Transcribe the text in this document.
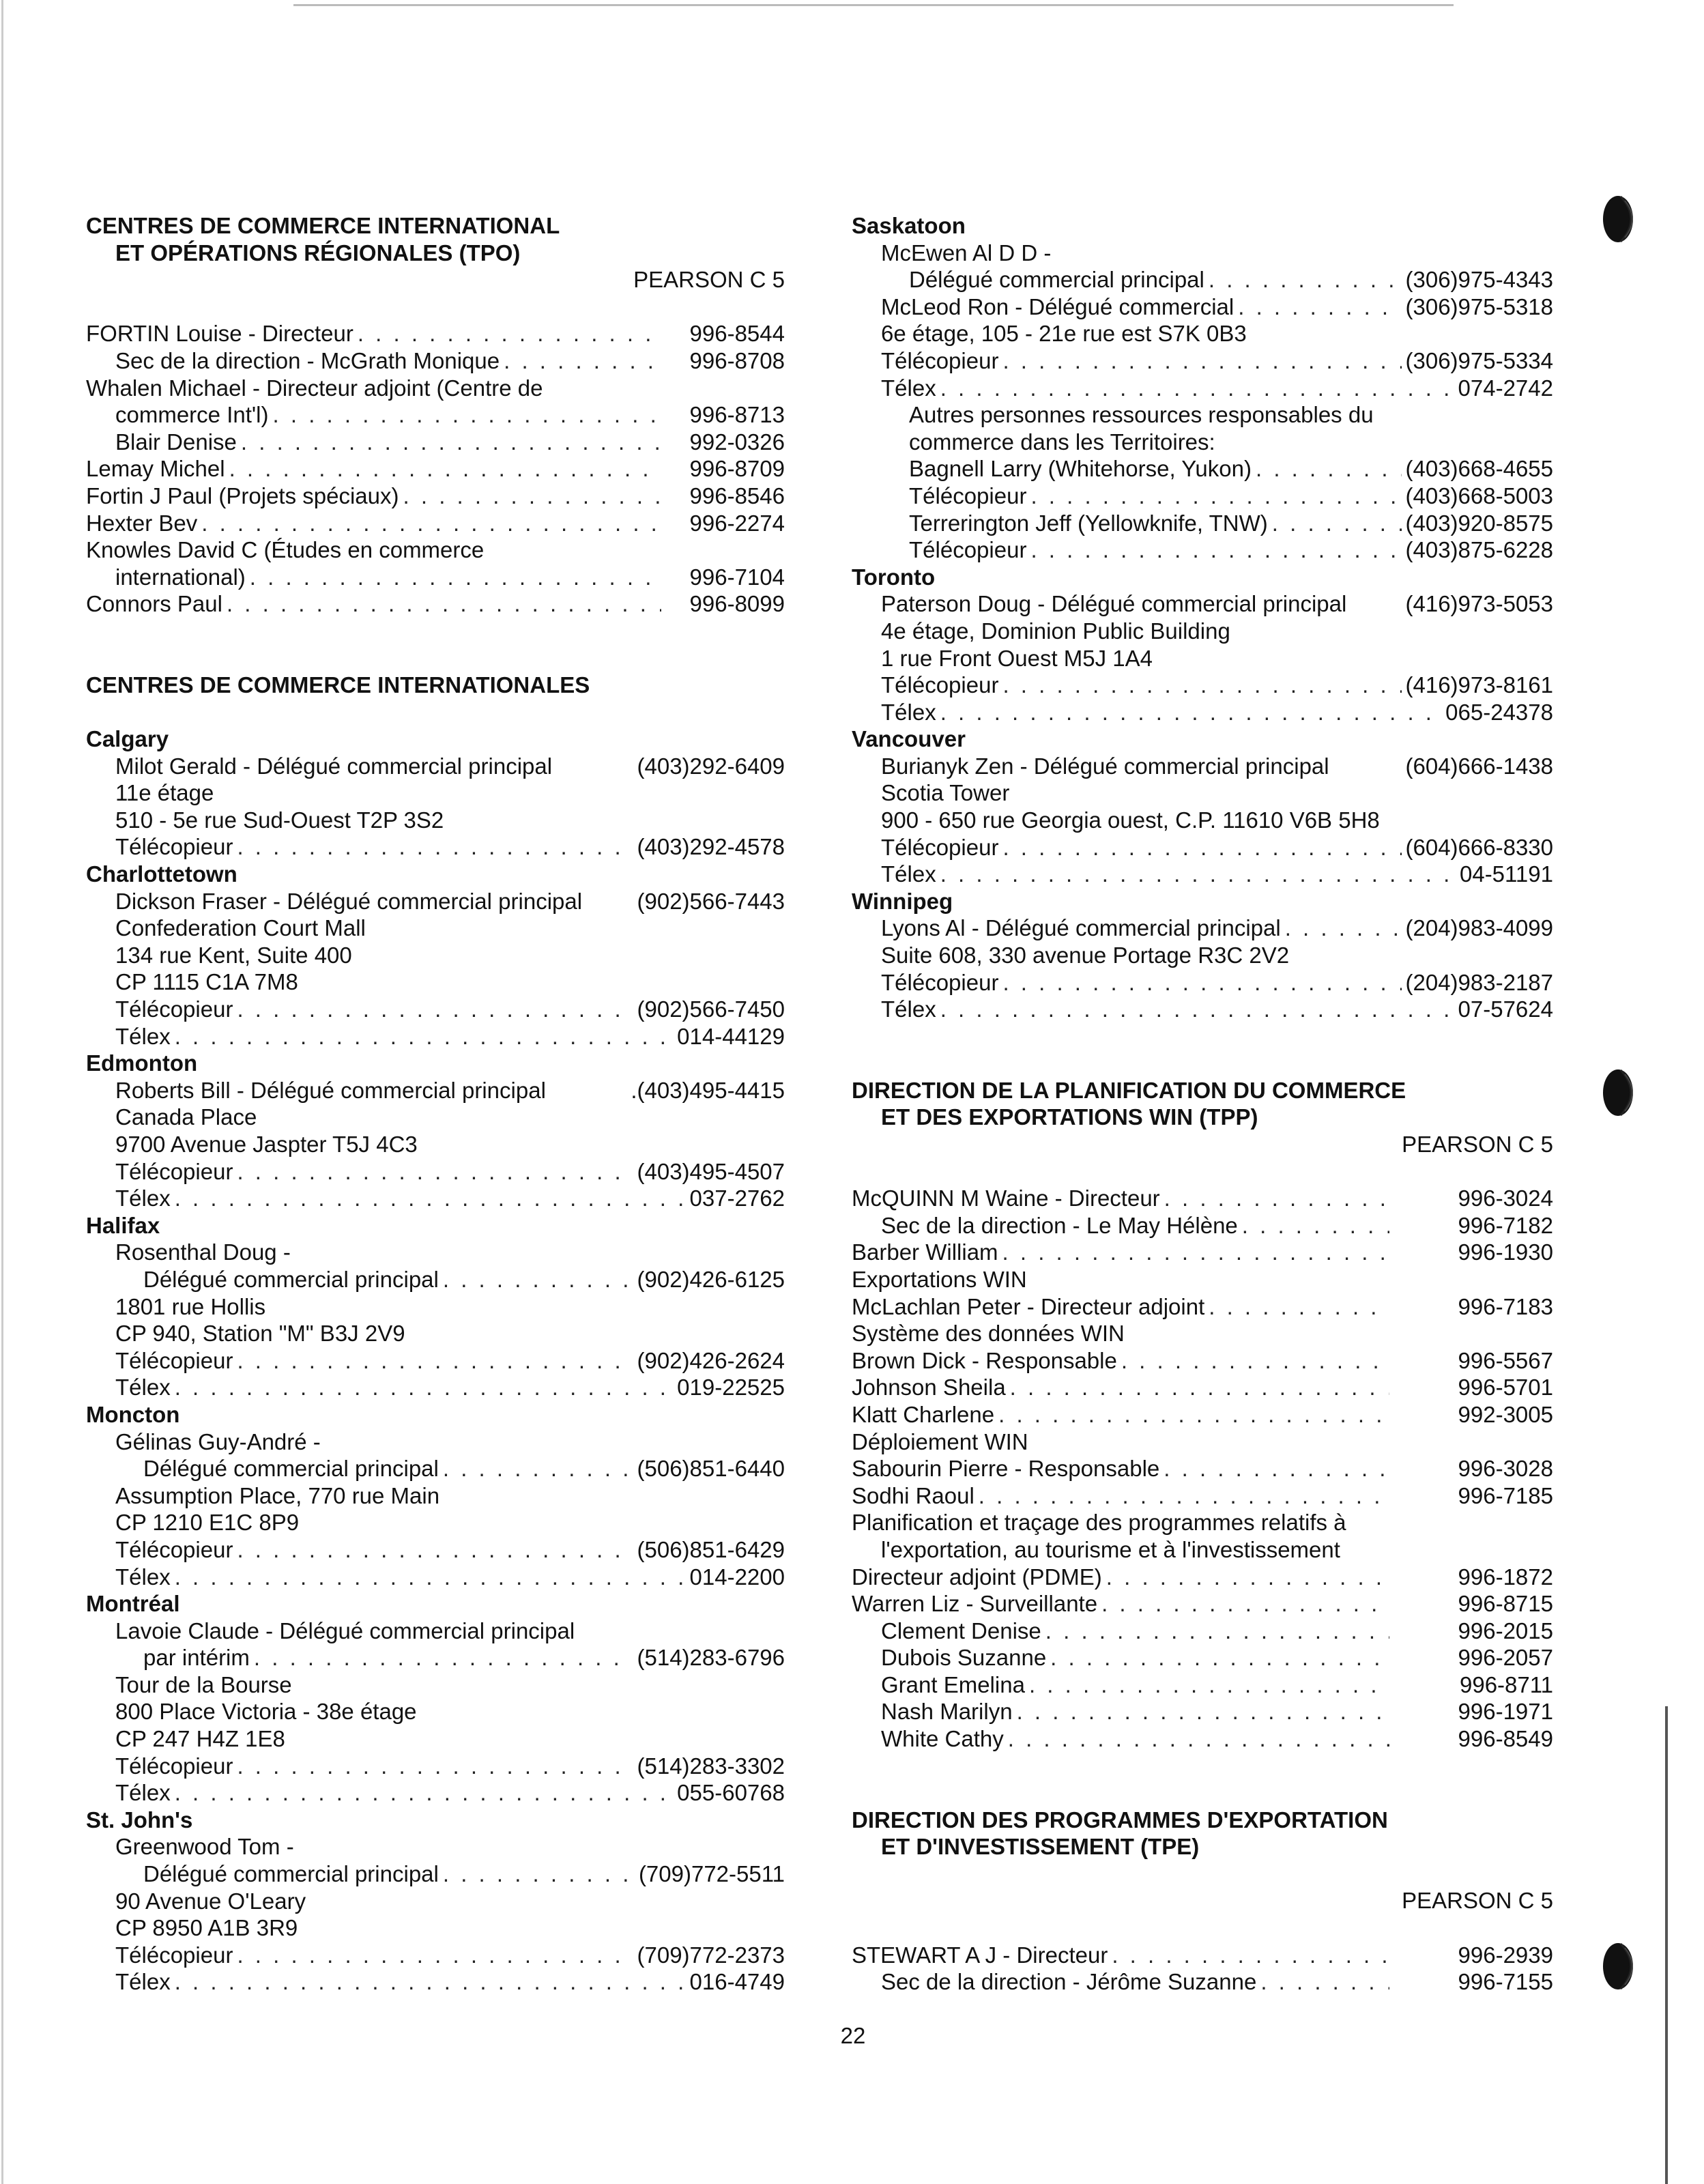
CENTRES DE COMMERCE INTERNATIONAL
ET OPÉRATIONS RÉGIONALES (TPO)
PEARSON C 5
FORTIN Louise - Directeur . . .	996-8544
Sec de la direction - McGrath Monique . . .	996-8708
Whalen Michael - Directeur adjoint (Centre de
commerce Int'l) . . .	996-8713
Blair Denise . . .	992-0326
Lemay Michel . . .	996-8709
Fortin J Paul (Projets spéciaux) . . .	996-8546
Hexter Bev . . .	996-2274
Knowles David C (Études en commerce
international) . . .	996-7104
Connors Paul . . .	996-8099
CENTRES DE COMMERCE INTERNATIONALES
Calgary
Milot Gerald - Délégué commercial principal	(403)292-6409
11e étage
510 - 5e rue Sud-Ouest T2P 3S2
Télécopieur . . .	(403)292-4578
Charlottetown
Dickson Fraser - Délégué commercial principal (902)566-7443
Confederation Court Mall
134 rue Kent, Suite 400
CP 1115 C1A 7M8
Télécopieur . . .	(902)566-7450
Télex . . .	014-44129
Edmonton
Roberts Bill - Délégué commercial principal	.(403)495-4415
Canada Place
9700 Avenue Jaspter T5J 4C3
Télécopieur . . .	(403)495-4507
Télex . . .	037-2762
Halifax
Rosenthal Doug -
Délégué commercial principal . . .	(902)426-6125
1801 rue Hollis
CP 940, Station "M" B3J 2V9
Télécopieur . . .	(902)426-2624
Télex . . .	019-22525
Moncton
Gélinas Guy-André -
Délégué commercial principal . . .	(506)851-6440
Assumption Place, 770 rue Main
CP 1210 E1C 8P9
Télécopieur . . .	(506)851-6429
Télex . . .	014-2200
Montréal
Lavoie Claude - Délégué commercial principal
par intérim . . .	(514)283-6796
Tour de la Bourse
800 Place Victoria - 38e étage
CP 247 H4Z 1E8
Télécopieur . . .	(514)283-3302
Télex . . .	055-60768
St. John's
Greenwood Tom -
Délégué commercial principal . . .	(709)772-5511
90 Avenue O'Leary
CP 8950 A1B 3R9
Télécopieur . . .	(709)772-2373
Télex . . .	016-4749
Saskatoon
McEwen Al D D -
Délégué commercial principal . . .	(306)975-4343
McLeod Ron - Délégué commercial . . .	(306)975-5318
6e étage, 105 - 21e rue est S7K 0B3
Télécopieur . . .	(306)975-5334
Télex . . .	074-2742
Autres personnes ressources responsables du
commerce dans les Territoires:
Bagnell Larry (Whitehorse, Yukon) . . .	(403)668-4655
Télécopieur . . .	(403)668-5003
Terrerington Jeff (Yellowknife, TNW) . . .	(403)920-8575
Télécopieur . . .	(403)875-6228
Toronto
Paterson Doug - Délégué commercial principal	(416)973-5053
4e étage, Dominion Public Building
1 rue Front Ouest M5J 1A4
Télécopieur . . .	(416)973-8161
Télex . . .	065-24378
Vancouver
Burianyk Zen - Délégué commercial principal	(604)666-1438
Scotia Tower
900 - 650 rue Georgia ouest, C.P. 11610 V6B 5H8
Télécopieur . . .	(604)666-8330
Télex . . .	04-51191
Winnipeg
Lyons Al - Délégué commercial principal . . .	(204)983-4099
Suite 608, 330 avenue Portage R3C 2V2
Télécopieur . . .	(204)983-2187
Télex . . .	07-57624
DIRECTION DE LA PLANIFICATION DU COMMERCE
ET DES EXPORTATIONS WIN (TPP)
PEARSON C 5
McQUINN M Waine - Directeur . . .	996-3024
Sec de la direction - Le May Hélène . . .	996-7182
Barber William . . .	996-1930
Exportations WIN
McLachlan Peter - Directeur adjoint . . .	996-7183
Système des données WIN
Brown Dick - Responsable . . .	996-5567
Johnson Sheila . . .	996-5701
Klatt Charlene . . .	992-3005
Déploiement WIN
Sabourin Pierre - Responsable . . .	996-3028
Sodhi Raoul . . .	996-7185
Planification et traçage des programmes relatifs à
l'exportation, au tourisme et à l'investissement
Directeur adjoint (PDME) . . .	996-1872
Warren Liz - Surveillante . . .	996-8715
Clement Denise . . .	996-2015
Dubois Suzanne . . .	996-2057
Grant Emelina . . .	996-8711
Nash Marilyn . . .	996-1971
White Cathy . . .	996-8549
DIRECTION DES PROGRAMMES D'EXPORTATION
ET D'INVESTISSEMENT (TPE)
PEARSON C 5
STEWART A J - Directeur . . .	996-2939
Sec de la direction - Jérôme Suzanne . . .	996-7155
22
